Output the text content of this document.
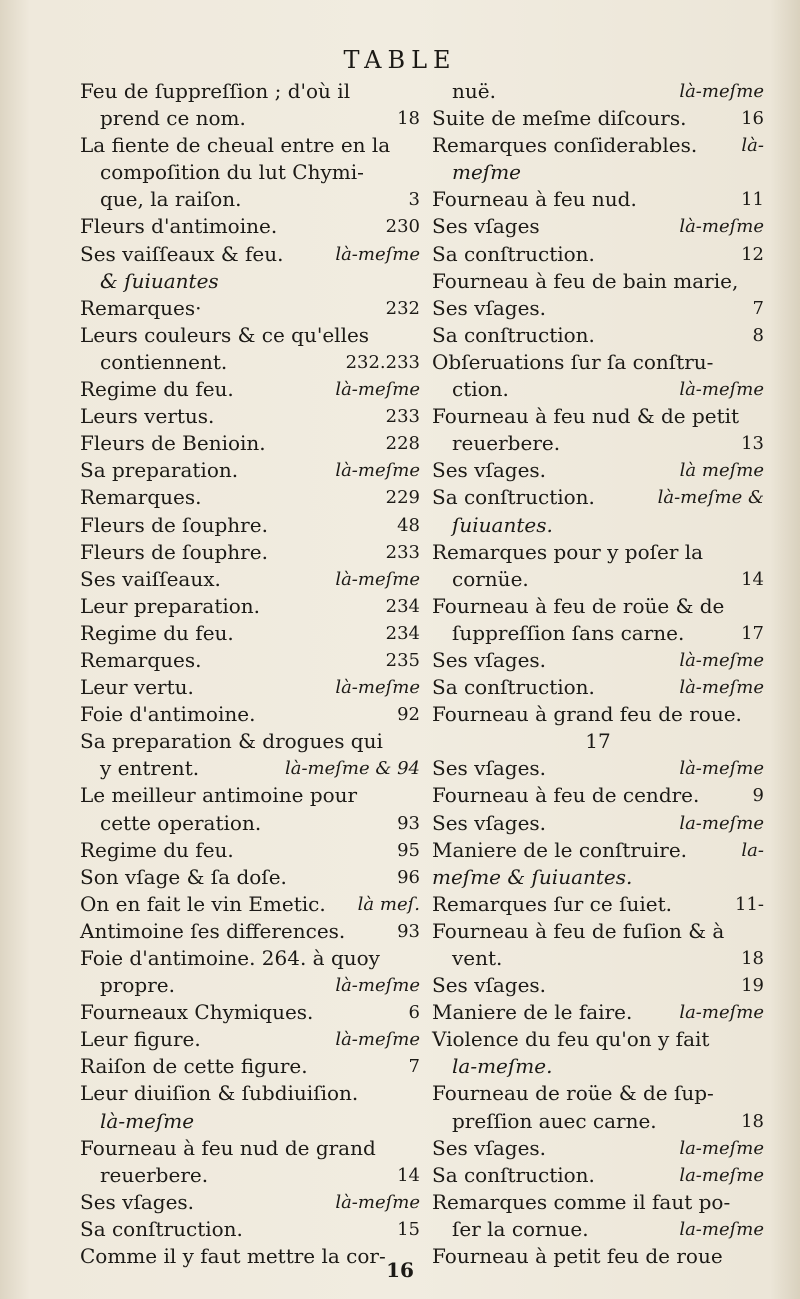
TABLE
Feu de ſuppreſſion ; d'où il
prend ce nom.	18
La fiente de cheual entre en la
compoſition du lut Chymi-
que, la raiſon.	3
Fleurs d'antimoine.	230
Ses vaiſſeaux & feu.	là-meſme
& ſuiuantes
Remarques·	232
Leurs couleurs & ce qu'elles
contiennent.	232.233
Regime du feu.	là-meſme
Leurs vertus.	233
Fleurs de Benioin.	228
Sa preparation.	là-meſme
Remarques.	229
Fleurs de ſouphre.	48
Fleurs de ſouphre.	233
Ses vaiſſeaux.	là-meſme
Leur preparation.	234
Regime du feu.	234
Remarques.	235
Leur vertu.	là-meſme
Foie d'antimoine.	92
Sa preparation & drogues qui
y entrent.	là-meſme & 94
Le meilleur antimoine pour
cette operation.	93
Regime du feu.	95
Son vſage & ſa doſe.	96
On en fait le vin Emetic. là meſ.
Antimoine ſes differences.	93
Foie d'antimoine. 264. à quoy
propre.	là-meſme
Fourneaux Chymiques.	6
Leur figure.	là-meſme
Raiſon de cette figure.	7
Leur diuiſion & ſubdiuiſion.
là-meſme
Fourneau à feu nud de grand
reuerbere.	14
Ses vſages.	là-meſme
Sa conſtruction.	15
Comme il y faut mettre la cor-
nuë.	là-meſme
Suite de meſme diſcours.	16
Remarques conſiderables. là-
meſme
Fourneau à feu nud.	11
Ses vſages	là-meſme
Sa conſtruction.	12
Fourneau à feu de bain marie,
Ses vſages.	7
Sa conſtruction.	8
Obſeruations ſur ſa conſtru-
ction.	là-meſme
Fourneau à feu nud & de petit
reuerbere.	13
Ses vſages.	là meſme
Sa conſtruction.	là-meſme &
ſuiuantes.
Remarques pour y poſer la
cornüe.	14
Fourneau à feu de roüe & de
ſuppreſſion ſans carne.	17
Ses vſages.	là-meſme
Sa conſtruction.	là-meſme
Fourneau à grand feu de roue.
17
Ses vſages.	là-meſme
Fourneau à feu de cendre.	9
Ses vſages.	la-meſme
Maniere de le conſtruire.	la-
meſme & ſuiuantes.
Remarques ſur ce ſuiet.	11-
Fourneau à feu de fuſion & à
vent.	18
Ses vſages.	19
Maniere de le faire.	la-meſme
Violence du feu qu'on y fait
la-meſme.
Fourneau de roüe & de ſup-
preſſion auec carne.	18
Ses vſages.	la-meſme
Sa conſtruction.	la-meſme
Remarques comme il faut po-
ſer la cornue.	la-meſme
Fourneau à petit feu de roue
16
